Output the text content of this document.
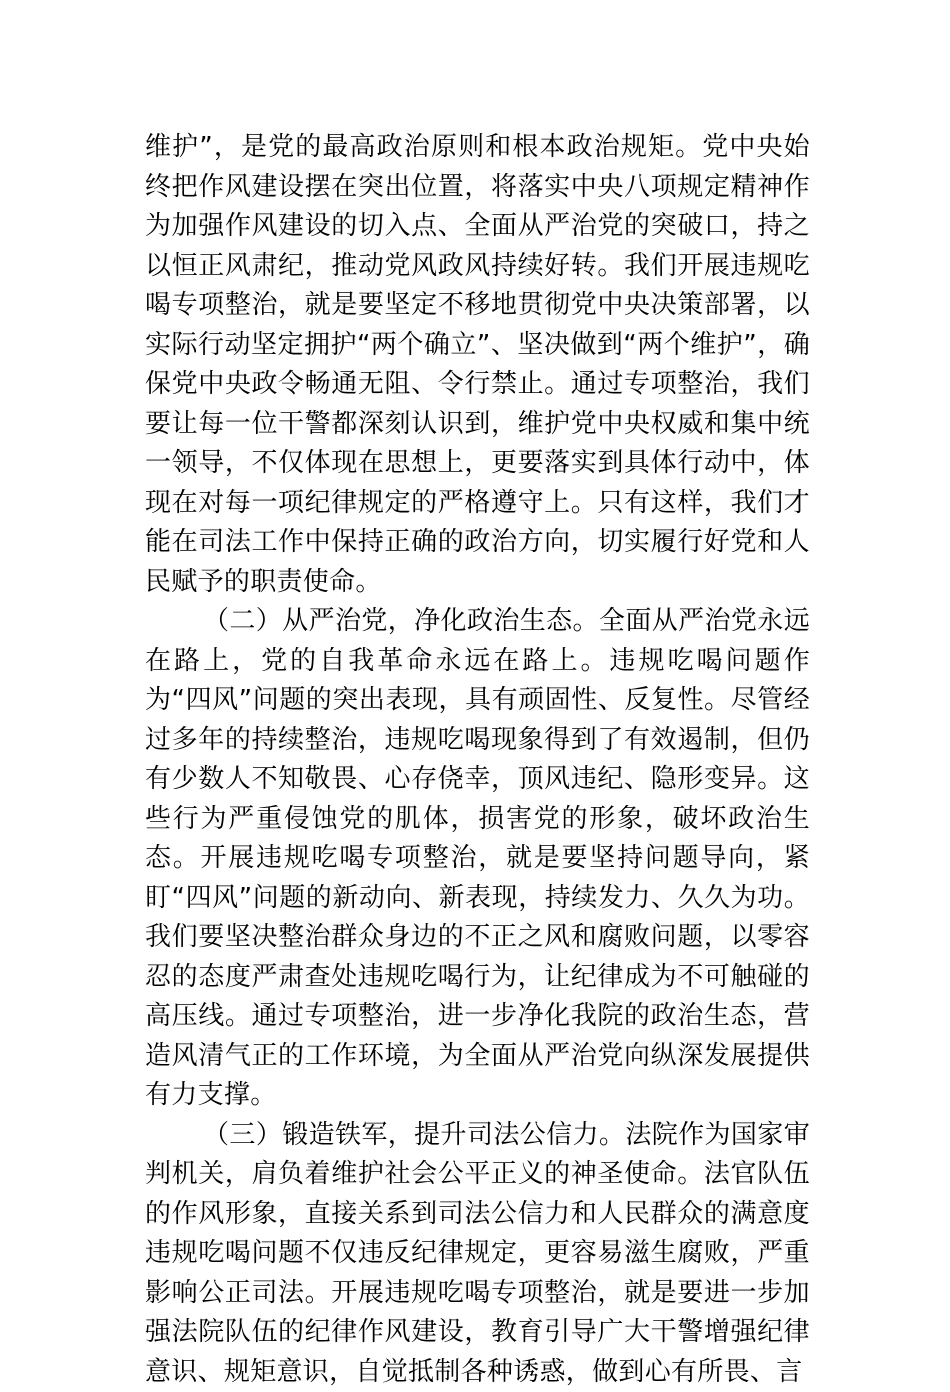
维护”，是党的最高政治原则和根本政治规矩。党中央始终把作风建设摆在突出位置，将落实中央八项规定精神作为加强作风建设的切入点、全面从严治党的突破口，持之以恒正风肃纪，推动党风政风持续好转。我们开展违规吃喝专项整治，就是要坚定不移地贯彻党中央决策部署，以实际行动坚定拥护“两个确立”、坚决做到“两个维护”，确保党中央政令畅通无阻、令行禁止。通过专项整治，我们要让每一位干警都深刻认识到，维护党中央权威和集中统一领导，不仅体现在思想上，更要落实到具体行动中，体现在对每一项纪律规定的严格遵守上。只有这样，我们才能在司法工作中保持正确的政治方向，切实履行好党和人民赋予的职责使命。

（二）从严治党，净化政治生态。全面从严治党永远在路上，党的自我革命永远在路上。违规吃喝问题作为“四风”问题的突出表现，具有顽固性、反复性。尽管经过多年的持续整治，违规吃喝现象得到了有效遏制，但仍有少数人不知敬畏、心存侥幸，顶风违纪、隐形变异。这些行为严重侵蚀党的肌体，损害党的形象，破坏政治生态。开展违规吃喝专项整治，就是要坚持问题导向，紧盯“四风”问题的新动向、新表现，持续发力、久久为功。我们要坚决整治群众身边的不正之风和腐败问题，以零容忍的态度严肃查处违规吃喝行为，让纪律成为不可触碰的高压线。通过专项整治，进一步净化我院的政治生态，营造风清气正的工作环境，为全面从严治党向纵深发展提供有力支撑。

（三）锻造铁军，提升司法公信力。法院作为国家审判机关，肩负着维护社会公平正义的神圣使命。法官队伍的作风形象，直接关系到司法公信力和人民群众的满意度违规吃喝问题不仅违反纪律规定，更容易滋生腐败，严重影响公正司法。开展违规吃喝专项整治，就是要进一步加强法院队伍的纪律作风建设，教育引导广大干警增强纪律意识、规矩意识，自觉抵制各种诱惑，做到心有所畏、言
